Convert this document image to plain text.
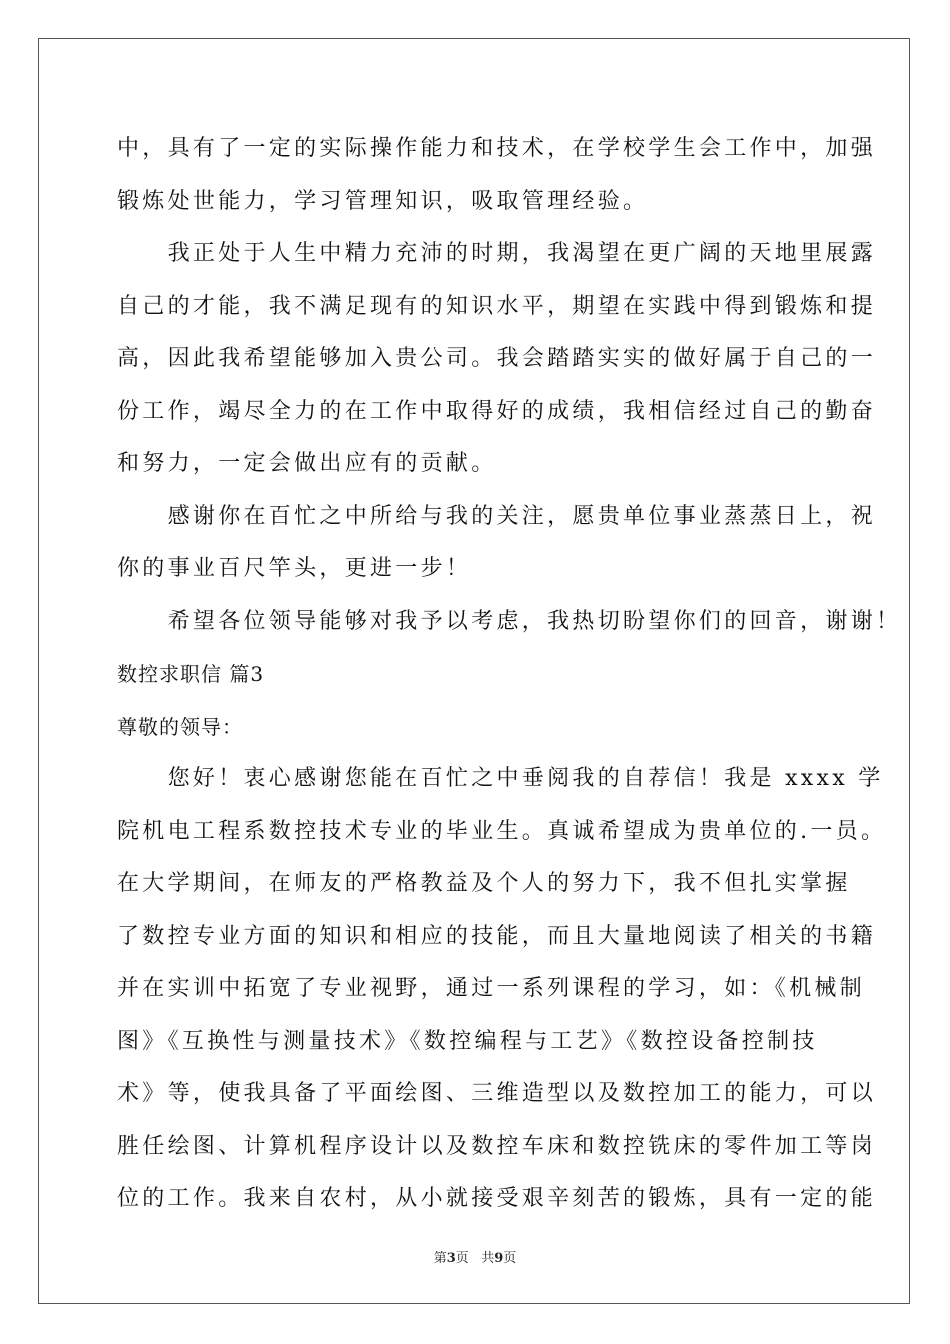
中，具有了一定的实际操作能力和技术，在学校学生会工作中，加强
锻炼处世能力，学习管理知识，吸取管理经验。
　　我正处于人生中精力充沛的时期，我渴望在更广阔的天地里展露
自己的才能，我不满足现有的知识水平，期望在实践中得到锻炼和提
高，因此我希望能够加入贵公司。我会踏踏实实的做好属于自己的一
份工作，竭尽全力的在工作中取得好的成绩，我相信经过自己的勤奋
和努力，一定会做出应有的贡献。
　　感谢你在百忙之中所给与我的关注，愿贵单位事业蒸蒸日上，祝
你的事业百尺竿头，更进一步！
　　希望各位领导能够对我予以考虑，我热切盼望你们的回音，谢谢！
数控求职信 篇3
尊敬的领导：
　　您好！衷心感谢您能在百忙之中垂阅我的自荐信！我是 xxxx 学
院机电工程系数控技术专业的毕业生。真诚希望成为贵单位的.一员。
在大学期间，在师友的严格教益及个人的努力下，我不但扎实掌握
了数控专业方面的知识和相应的技能，而且大量地阅读了相关的书籍
并在实训中拓宽了专业视野，通过一系列课程的学习，如：《机械制
图》《互换性与测量技术》《数控编程与工艺》《数控设备控制技
术》等，使我具备了平面绘图、三维造型以及数控加工的能力，可以
胜任绘图、计算机程序设计以及数控车床和数控铣床的零件加工等岗
位的工作。我来自农村，从小就接受艰辛刻苦的锻炼，具有一定的能
第3页 共9页
